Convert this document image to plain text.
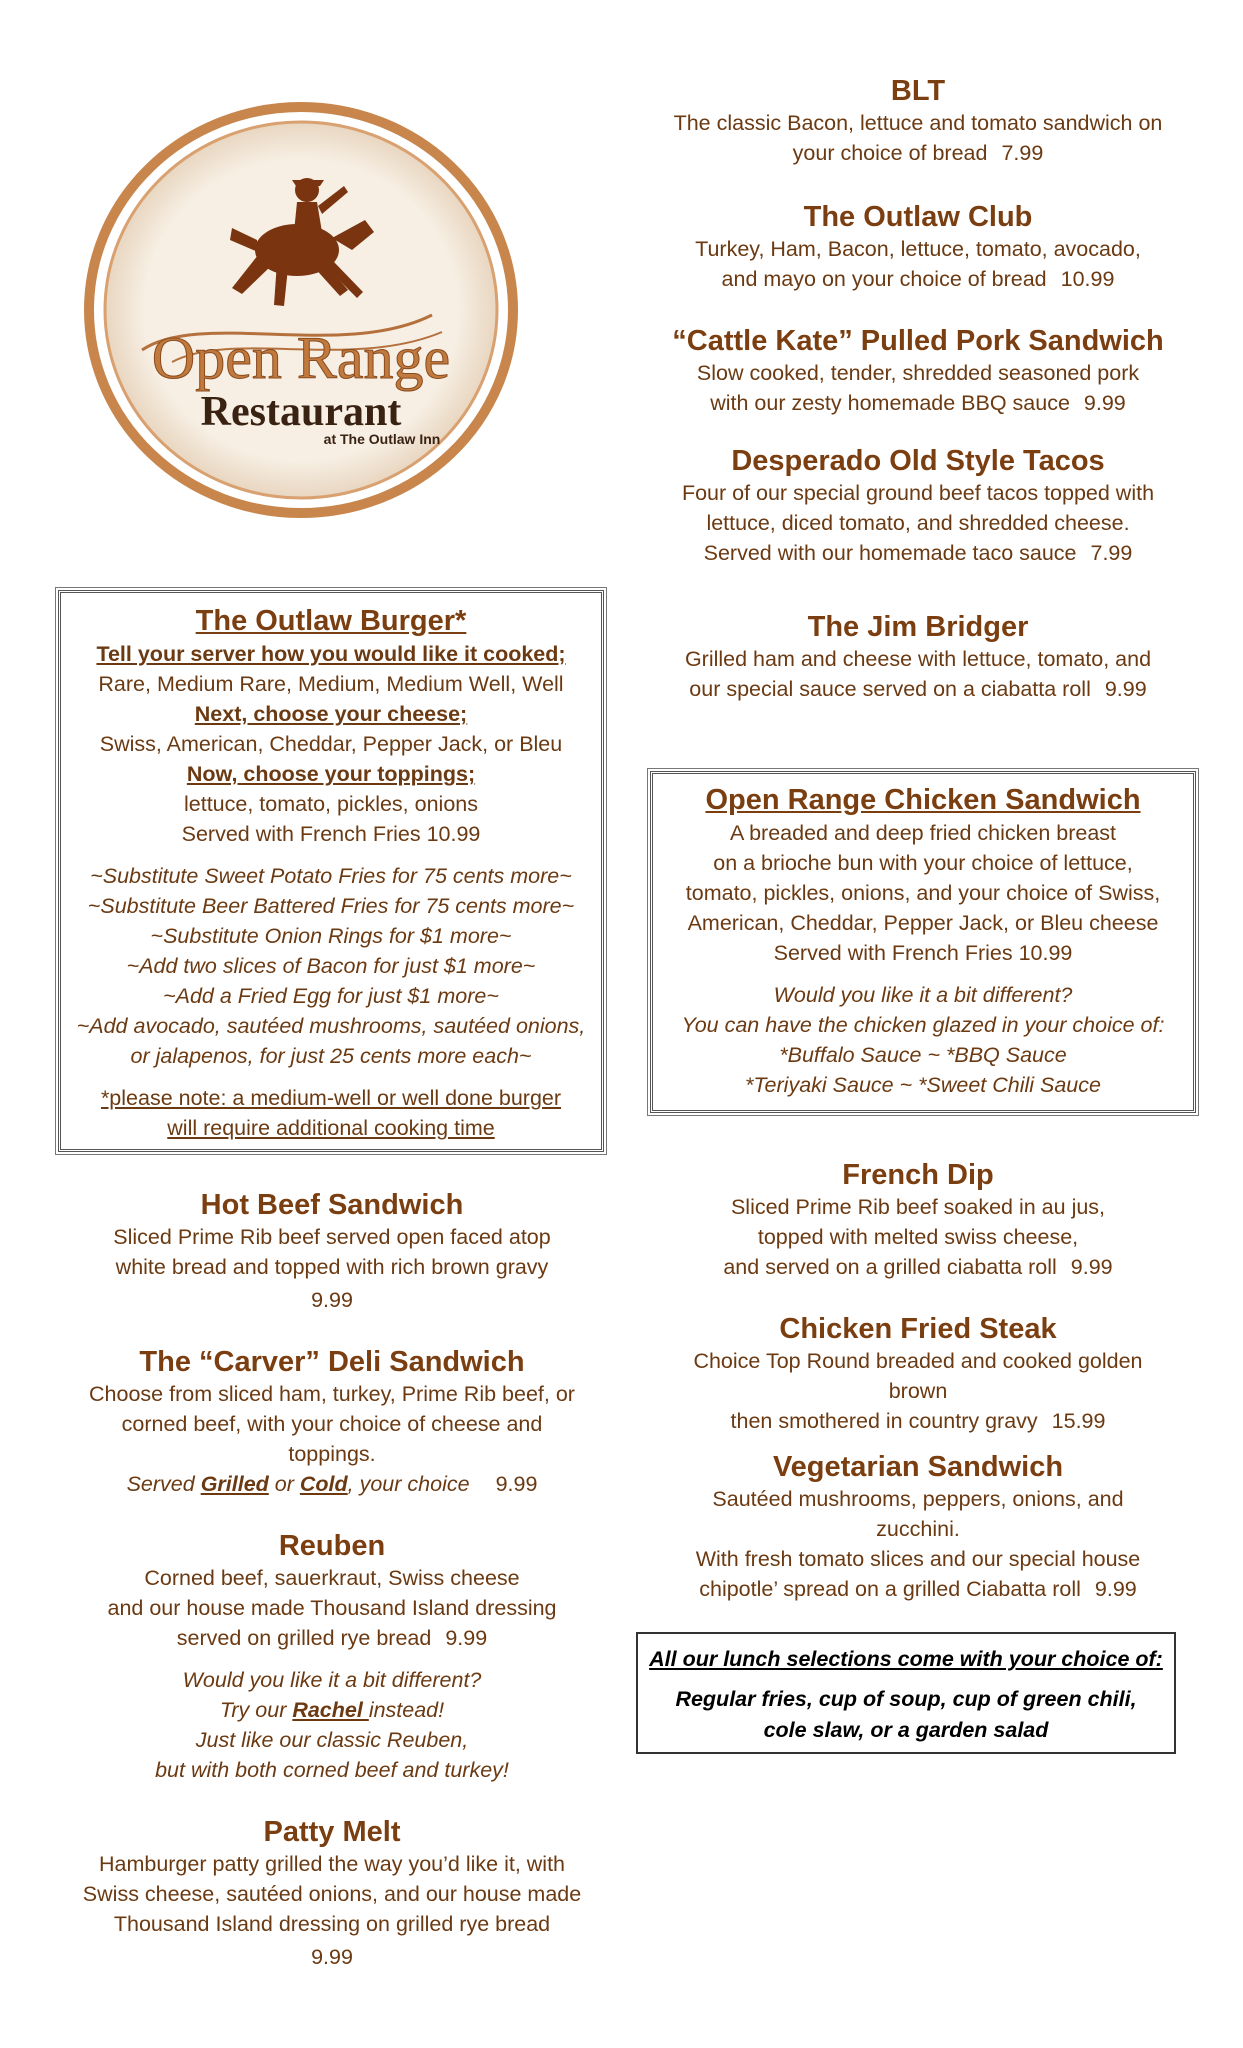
Open Range
Restaurant
at The Outlaw Inn
BLT
The classic Bacon, lettuce and tomato sandwich on
your choice of bread 7.99
The Outlaw Club
Turkey, Ham, Bacon, lettuce, tomato, avocado,
and mayo on your choice of bread 10.99
“Cattle Kate” Pulled Pork Sandwich
Slow cooked, tender, shredded seasoned pork
with our zesty homemade BBQ sauce 9.99
Desperado Old Style Tacos
Four of our special ground beef tacos topped with
lettuce, diced tomato, and shredded cheese.
Served with our homemade taco sauce 7.99
The Jim Bridger
Grilled ham and cheese with lettuce, tomato, and
our special sauce served on a ciabatta roll 9.99
The Outlaw Burger*
Tell your server how you would like it cooked;
Rare, Medium Rare, Medium, Medium Well, Well
Next, choose your cheese;
Swiss, American, Cheddar, Pepper Jack, or Bleu
Now, choose your toppings;
lettuce, tomato, pickles, onions
Served with French Fries 10.99
~Substitute Sweet Potato Fries for 75 cents more~
~Substitute Beer Battered Fries for 75 cents more~
~Substitute Onion Rings for $1 more~
~Add two slices of Bacon for just $1 more~
~Add a Fried Egg for just $1 more~
~Add avocado, sautéed mushrooms, sautéed onions,
or jalapenos, for just 25 cents more each~
*please note: a medium-well or well done burger
will require additional cooking time
Open Range Chicken Sandwich
A breaded and deep fried chicken breast
on a brioche bun with your choice of lettuce,
tomato, pickles, onions, and your choice of Swiss,
American, Cheddar, Pepper Jack, or Bleu cheese
Served with French Fries 10.99
Would you like it a bit different?
You can have the chicken glazed in your choice of:
*Buffalo Sauce ~ *BBQ Sauce
*Teriyaki Sauce ~ *Sweet Chili Sauce
Hot Beef Sandwich
Sliced Prime Rib beef served open faced atop
white bread and topped with rich brown gravy
9.99
The “Carver” Deli Sandwich
Choose from sliced ham, turkey, Prime Rib beef, or
corned beef, with your choice of cheese and
toppings.
Served Grilled or Cold, your choice 9.99
Reuben
Corned beef, sauerkraut, Swiss cheese
and our house made Thousand Island dressing
served on grilled rye bread 9.99
Would you like it a bit different?
Try our Rachel instead!
Just like our classic Reuben,
but with both corned beef and turkey!
Patty Melt
Hamburger patty grilled the way you’d like it, with
Swiss cheese, sautéed onions, and our house made
Thousand Island dressing on grilled rye bread
9.99
French Dip
Sliced Prime Rib beef soaked in au jus,
topped with melted swiss cheese,
and served on a grilled ciabatta roll 9.99
Chicken Fried Steak
Choice Top Round breaded and cooked golden
brown
then smothered in country gravy 15.99
Vegetarian Sandwich
Sautéed mushrooms, peppers, onions, and
zucchini.
With fresh tomato slices and our special house
chipotle’ spread on a grilled Ciabatta roll 9.99
All our lunch selections come with your choice of:
Regular fries, cup of soup, cup of green chili,
cole slaw, or a garden salad
